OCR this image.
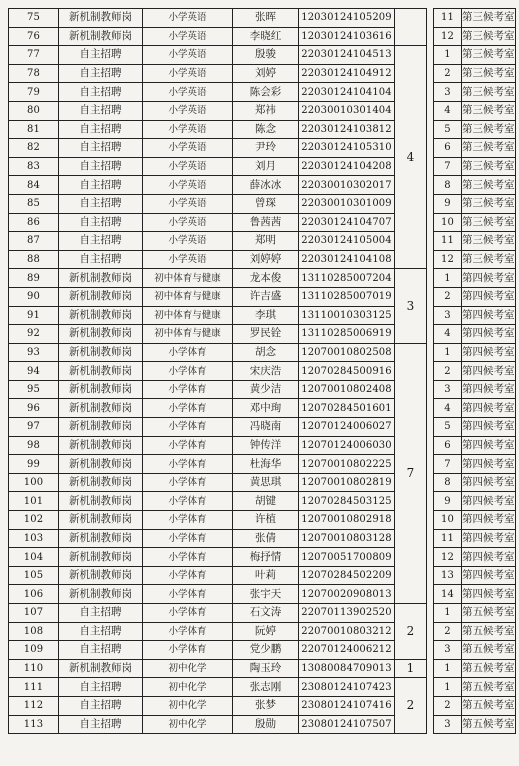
75	新机制教师岗	小学英语	张晖	12030124105209			11	第三候考室
76	新机制教师岗	小学英语	李晓红	12030124103616			12	第三候考室
77	自主招聘	小学英语	殷骏	22030124104513	4		1	第三候考室
78	自主招聘	小学英语	刘婷	22030124104912			2	第三候考室
79	自主招聘	小学英语	陈会彩	22030124104104			3	第三候考室
80	自主招聘	小学英语	郑祎	22030010301404			4	第三候考室
81	自主招聘	小学英语	陈念	22030124103812			5	第三候考室
82	自主招聘	小学英语	尹玲	22030124105310			6	第三候考室
83	自主招聘	小学英语	刘月	22030124104208			7	第三候考室
84	自主招聘	小学英语	薛冰冰	22030010302017			8	第三候考室
85	自主招聘	小学英语	曾琛	22030010301009			9	第三候考室
86	自主招聘	小学英语	鲁茜茜	22030124104707			10	第三候考室
87	自主招聘	小学英语	郑明	22030124105004			11	第三候考室
88	自主招聘	小学英语	刘婷婷	22030124104108			12	第三候考室
89	新机制教师岗	初中体育与健康	龙本俊	13110285007204	3		1	第四候考室
90	新机制教师岗	初中体育与健康	许吉盛	13110285007019			2	第四候考室
91	新机制教师岗	初中体育与健康	李琪	13110010303125			3	第四候考室
92	新机制教师岗	初中体育与健康	罗民铨	13110285006919			4	第四候考室
93	新机制教师岗	小学体育	胡念	12070010802508	7		1	第四候考室
94	新机制教师岗	小学体育	宋庆浩	12070284500916			2	第四候考室
95	新机制教师岗	小学体育	黄少洁	12070010802408			3	第四候考室
96	新机制教师岗	小学体育	邓中珣	12070284501601			4	第四候考室
97	新机制教师岗	小学体育	冯晓南	12070124006027			5	第四候考室
98	新机制教师岗	小学体育	钟传洋	12070124006030			6	第四候考室
99	新机制教师岗	小学体育	杜海华	12070010802225			7	第四候考室
100	新机制教师岗	小学体育	黄思琪	12070010802819			8	第四候考室
101	新机制教师岗	小学体育	胡键	12070284503125			9	第四候考室
102	新机制教师岗	小学体育	许植	12070010802918			10	第四候考室
103	新机制教师岗	小学体育	张倩	12070010803128			11	第四候考室
104	新机制教师岗	小学体育	梅抒情	12070051700809			12	第四候考室
105	新机制教师岗	小学体育	叶莉	12070284502209			13	第四候考室
106	新机制教师岗	小学体育	张宇天	12070020908013			14	第四候考室
107	自主招聘	小学体育	石文涛	22070113902520	2		1	第五候考室
108	自主招聘	小学体育	阮婷	22070010803212			2	第五候考室
109	自主招聘	小学体育	党少鹏	22070124006212			3	第五候考室
110	新机制教师岗	初中化学	陶玉玲	13080084709013	1		1	第五候考室
111	自主招聘	初中化学	张志刚	23080124107423	2		1	第五候考室
112	自主招聘	初中化学	张梦	23080124107416			2	第五候考室
113	自主招聘	初中化学	殷勋	23080124107507			3	第五候考室
